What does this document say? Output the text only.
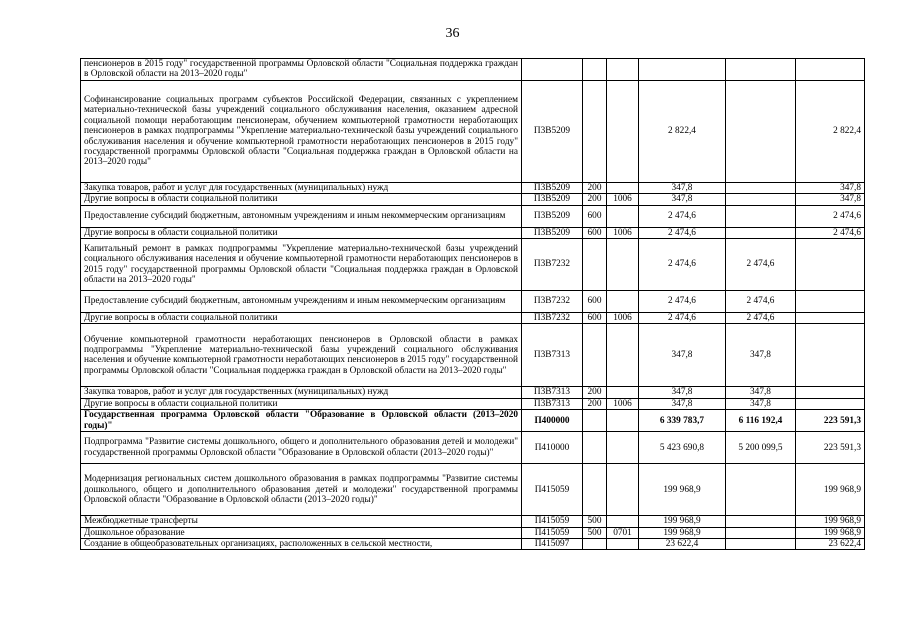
36
пенсионеров в 2015 году" государственной программы Орловской области "Социальная поддержка граждан в Орловской области на 2013–2020 годы"						
Софинансирование социальных программ субъектов Российской Федерации, связанных с укреплением материально-технической базы учреждений социального обслуживания населения, оказанием адресной социальной помощи неработающим пенсионерам, обучением компьютерной грамотности неработающих пенсионеров в рамках подпрограммы "Укрепление материально-технической базы учреждений социального обслуживания населения и обучение компьютерной грамотности неработающих пенсионеров в 2015 году" государственной программы Орловской области "Социальная поддержка граждан в Орловской области на 2013–2020 годы"	П3В5209			2 822,4		2 822,4
Закупка товаров, работ и услуг для государственных (муниципальных) нужд	П3В5209	200		347,8		347,8
Другие вопросы в области социальной политики	П3В5209	200	1006	347,8		347,8
Предоставление субсидий бюджетным, автономным учреждениям и иным некоммерческим организациям	П3В5209	600		2 474,6		2 474,6
Другие вопросы в области социальной политики	П3В5209	600	1006	2 474,6		2 474,6
Капитальный ремонт в рамках подпрограммы "Укрепление материально-технической базы учреждений социального обслуживания населения и обучение компьютерной грамотности неработающих пенсионеров в 2015 году" государственной программы Орловской области "Социальная поддержка граждан в Орловской области на 2013–2020 годы"	П3В7232			2 474,6	2 474,6	
Предоставление субсидий бюджетным, автономным учреждениям и иным некоммерческим организациям	П3В7232	600		2 474,6	2 474,6	
Другие вопросы в области социальной политики	П3В7232	600	1006	2 474,6	2 474,6	
Обучение компьютерной грамотности неработающих пенсионеров в Орловской области в рамках подпрограммы "Укрепление материально-технической базы учреждений социального обслуживания населения и обучение компьютерной грамотности неработающих пенсионеров в 2015 году" государственной программы Орловской области "Социальная поддержка граждан в Орловской области на 2013–2020 годы"	П3В7313			347,8	347,8	
Закупка товаров, работ и услуг для государственных (муниципальных) нужд	П3В7313	200		347,8	347,8	
Другие вопросы в области социальной политики	П3В7313	200	1006	347,8	347,8	
Государственная программа Орловской области "Образование в Орловской области (2013–2020 годы)"	П400000			6 339 783,7	6 116 192,4	223 591,3
Подпрограмма "Развитие системы дошкольного, общего и дополнительного образования детей и молодежи" государственной программы Орловской области "Образование в Орловской области (2013–2020 годы)"	П410000			5 423 690,8	5 200 099,5	223 591,3
Модернизация региональных систем дошкольного образования в рамках подпрограммы "Развитие системы дошкольного, общего и дополнительного образования детей и молодежи" государственной программы Орловской области "Образование в Орловской области (2013–2020 годы)"	П415059			199 968,9		199 968,9
Межбюджетные трансферты	П415059	500		199 968,9		199 968,9
Дошкольное образование	П415059	500	0701	199 968,9		199 968,9
Создание в общеобразовательных организациях, расположенных в сельской местности,	П415097			23 622,4		23 622,4
